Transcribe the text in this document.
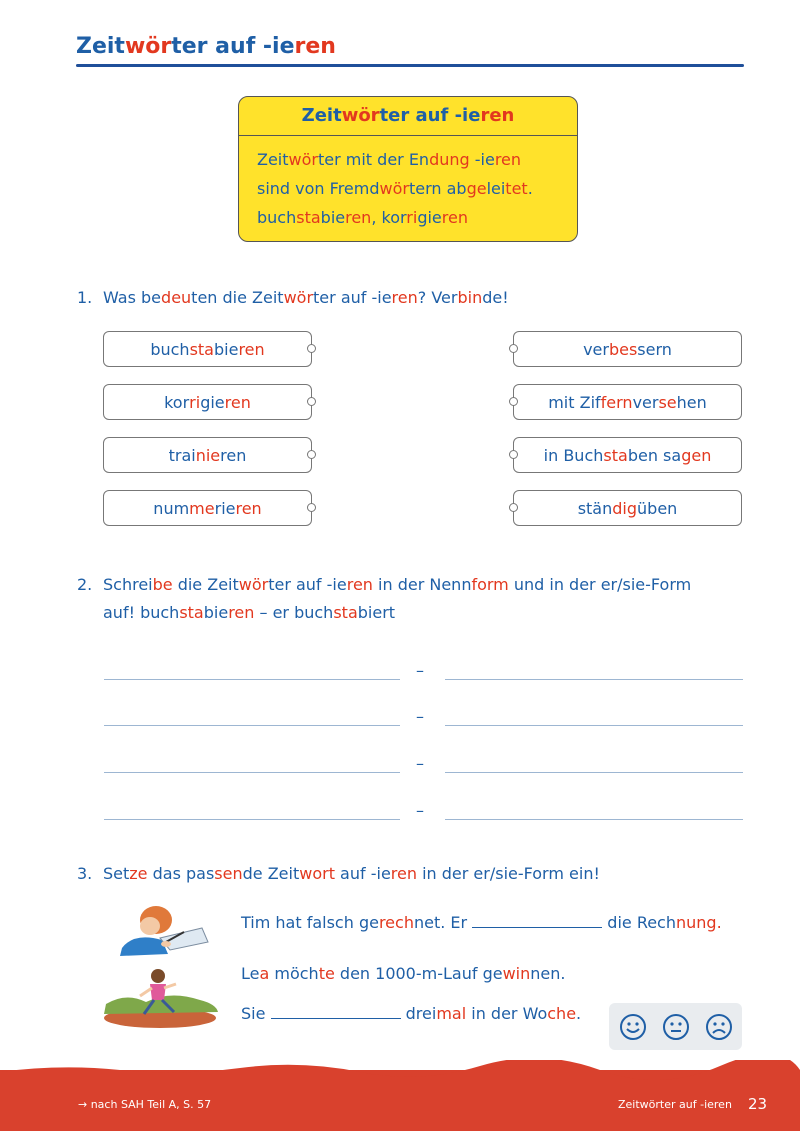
Zeitwörter auf -ieren
Zeitwörter auf -ieren
Zeitwörter mit der Endung -ieren
sind von Fremdwörtern abgeleitet.
buchstabieren, korrigieren
1. Was bedeuten die Zeitwörter auf -ieren? Verbinde!
buch sta bie ren
kor ri gie ren
trai nie ren
num me rie ren
ver bes sern
mit Zif fern ver se hen
in Buch sta ben sa gen
stän dig üben
2. Schreibe die Zeitwörter auf -ieren in der Nennform und in der er/sie-Form
auf! buchstabieren – er buchstabiert
–
–
–
–
3. Setze das passende Zeitwort auf -ieren in der er/sie-Form ein!
Tim hat falsch gerechnet. Er	die Rechnung.
Lea möchte den 1000-m-Lauf gewinnen.
Sie	dreimal in der Woche.
→ nach SAH Teil A, S. 57	Zeitwörter auf -ieren 23
